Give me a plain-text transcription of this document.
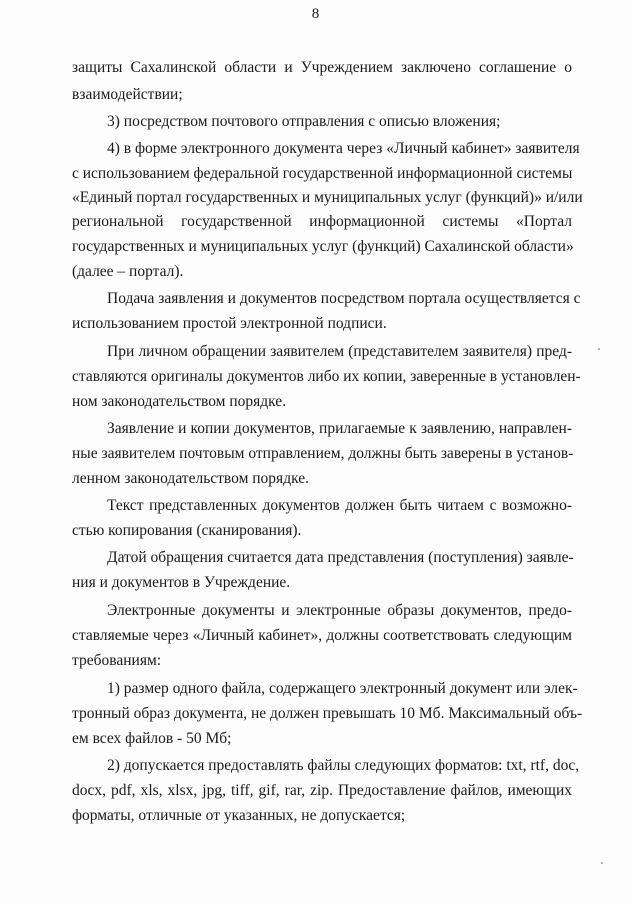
8
защиты Сахалинской области и Учреждением заключено соглашение о
взаимодействии;
3) посредством почтового отправления с описью вложения;
4) в форме электронного документа через «Личный кабинет» заявителя
с использованием федеральной государственной информационной системы
«Единый портал государственных и муниципальных услуг (функций)» и/или
региональной государственной информационной системы «Портал
государственных и муниципальных услуг (функций) Сахалинской области»
(далее – портал).
Подача заявления и документов посредством портала осуществляется с
использованием простой электронной подписи.
При личном обращении заявителем (представителем заявителя) пред-
ставляются оригиналы документов либо их копии, заверенные в установлен-
ном законодательством порядке.
Заявление и копии документов, прилагаемые к заявлению, направлен-
ные заявителем почтовым отправлением, должны быть заверены в установ-
ленном законодательством порядке.
Текст представленных документов должен быть читаем с возможно-
стью копирования (сканирования).
Датой обращения считается дата представления (поступления) заявле-
ния и документов в Учреждение.
Электронные документы и электронные образы документов, предо-
ставляемые через «Личный кабинет», должны соответствовать следующим
требованиям:
1) размер одного файла, содержащего электронный документ или элек-
тронный образ документа, не должен превышать 10 Мб. Максимальный объ-
ем всех файлов - 50 Мб;
2) допускается предоставлять файлы следующих форматов: txt, rtf, doc,
docx, pdf, xls, xlsx, jpg, tiff, gif, rar, zip. Предоставление файлов, имеющих
форматы, отличные от указанных, не допускается;
